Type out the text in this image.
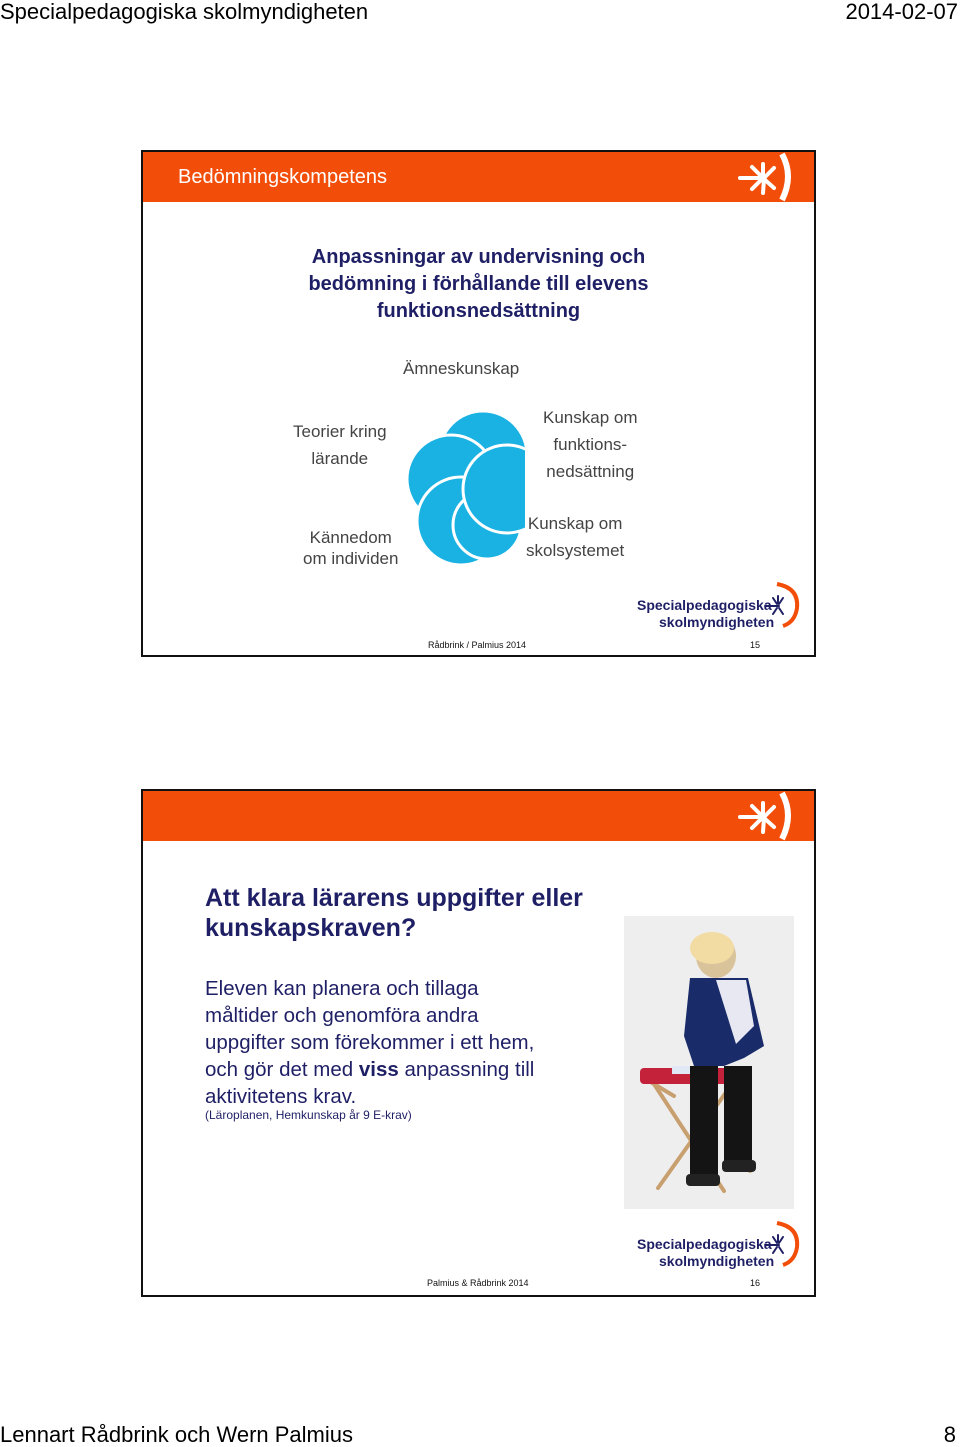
Specialpedagogiska skolmyndigheten	2014-02-07
Bedömningskompetens
Anpassningar av undervisning och
bedömning i förhållande till elevens
funktionsnedsättning
Ämneskunskap
Teorier kring
lärande
Kunskap om
funktions-
nedsättning
Kännedom
om individen
Kunskap om
skolsystemet
Specialpedagogiska
skolmyndigheten
Rådbrink / Palmius 2014	15
Att klara lärarens uppgifter eller
kunskapskraven?
Eleven kan planera och tillaga
måltider och genomföra andra
uppgifter som förekommer i ett hem,
och gör det med viss anpassning till
aktivitetens krav.
(Läroplanen, Hemkunskap år 9 E-krav)
Specialpedagogiska
skolmyndigheten
Palmius & Rådbrink 2014	16
Lennart Rådbrink och Wern Palmius	8
